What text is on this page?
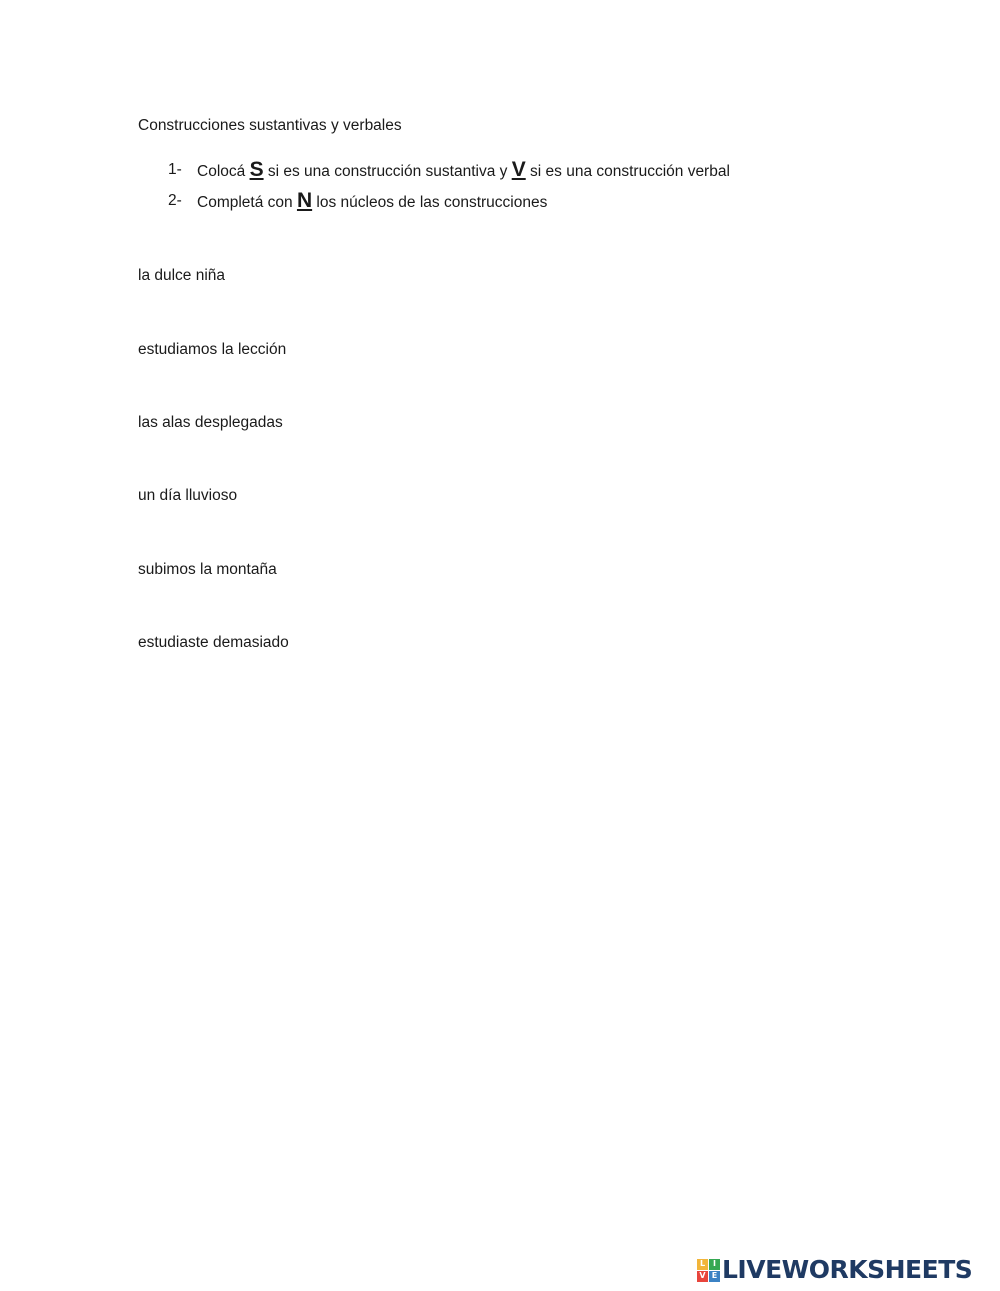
Construcciones sustantivas y verbales
1- Colocá S si es una construcción sustantiva y V si es una construcción verbal
2- Completá con N los núcleos de las construcciones
la dulce niña
estudiamos la lección
las alas desplegadas
un día lluvioso
subimos la montaña
estudiaste demasiado
L I
V E LIVEWORKSHEETS
